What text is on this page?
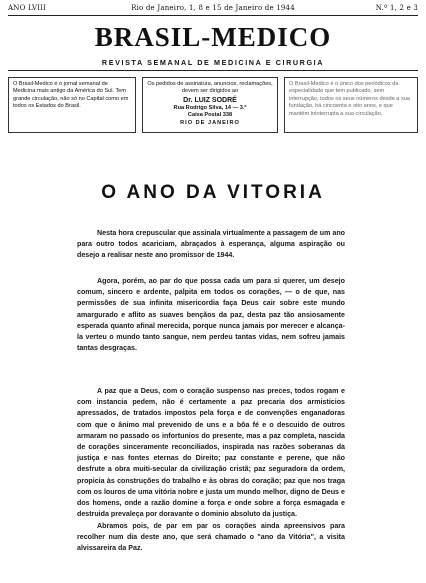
ANO LVIII	Rio de Janeiro, 1, 8 e 15 de Janeiro de 1944	N.º 1, 2 e 3
BRASIL-MEDICO
REVISTA SEMANAL DE MEDICINA E CIRURGIA
O Brasil-Medico é o jornal semanal de Medicina mais antigo da América do Sul. Tem grande circulação, não só no Capital como em todos os Estados do Brasil.
Os pedidos de assinatura, anuncios, reclamações, devem ser dirigidos ao
Dr. LUIZ SODRÉ
Rua Rodrigo Silva, 14 — 3.º
Caixa Postal 338
RIO DE JANEIRO
O Brasil-Medico é o único dos periódicos da especialidade que tem publicado, sem interrupção, todos os seus números desde a sua fundação, há cincoenta e oito anos, e que mantém ininterrupta a sua circulação.
O ANO DA VITORIA

Nesta hora crepuscular que assinala virtualmente a passagem de um ano para outro todos acariciam, abraçados à esperança, alguma aspiração ou desejo a realisar neste ano promissor de 1944.

Agora, porém, ao par do que possa cada um para si querer, um desejo comum, sincero e ardente, palpita em todos os corações, — o de que, nas permissões de sua infinita misericordia faça Deus cair sobre este mundo amargurado e aflito as suaves bençãos da paz, desta paz tão ansiosamente esperada quanto afinal merecida, porque nunca jamais por merecer e alcança-la verteu o mundo tanto sangue, nem perdeu tantas vidas, nem sofreu jamais tantas desgraças.

A paz que a Deus, com o coração suspenso nas preces, todos rogam e com instancia pedem, não é certamente a paz precaria dos armisticios apressados, de tratados impostos pela força e de convenções enganadoras com que o ânimo mal prevenido de uns e a bôa fé e o descuido de outros armaram no passado os infortunios do presente, mas a paz completa, nascida de corações sinceramente reconciliados, inspirada nas razões soberanas da justiça e nas fontes eternas do Direito; paz constante e perene, que não desfrute a obra muiti-secular da civilização cristã; paz seguradora da ordem, propicia às construções do trabalho e às obras do coração; paz que nos traga com os louros de uma vitória nobre e justa um mundo melhor, digno de Deus e dos homens, onde a razão domine a força e onde sobre a força esmagada e destruida prevaleça por doravante o dominio absoluto da justiça.

Abramos pois, de par em par os corações ainda apreensivos para recolher num dia deste ano, que será chamado o "ano da Vitória", a visita alvissareira da Paz.
